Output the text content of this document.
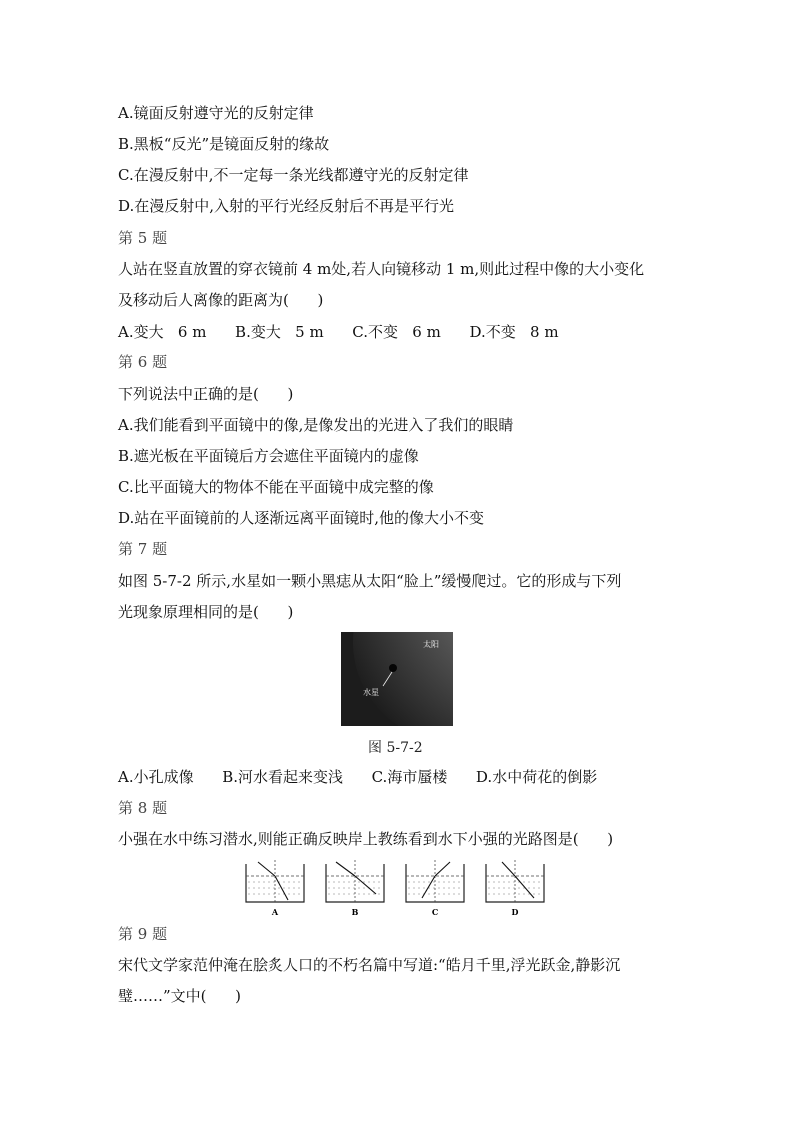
A.镜面反射遵守光的反射定律
B.黑板“反光”是镜面反射的缘故
C.在漫反射中,不一定每一条光线都遵守光的反射定律
D.在漫反射中,入射的平行光经反射后不再是平行光
第 5 题
人站在竖直放置的穿衣镜前 4 m处,若人向镜移动 1 m,则此过程中像的大小变化
及移动后人离像的距离为(      )
A.变大   6 m      B.变大   5 m      C.不变   6 m      D.不变   8 m
第 6 题
下列说法中正确的是(      )
A.我们能看到平面镜中的像,是像发出的光进入了我们的眼睛
B.遮光板在平面镜后方会遮住平面镜内的虚像
C.比平面镜大的物体不能在平面镜中成完整的像
D.站在平面镜前的人逐渐远离平面镜时,他的像大小不变
第 7 题
如图 5-7-2 所示,水星如一颗小黑痣从太阳“脸上”缓慢爬过。它的形成与下列
光现象原理相同的是(      )
太阳
水星
图 5-7-2
A.小孔成像      B.河水看起来变浅      C.海市蜃楼      D.水中荷花的倒影
第 8 题
小强在水中练习潜水,则能正确反映岸上教练看到水下小强的光路图是(      )
A	B	C	D
第 9 题
宋代文学家范仲淹在脍炙人口的不朽名篇中写道:“皓月千里,浮光跃金,静影沉
璧……”文中(      )
